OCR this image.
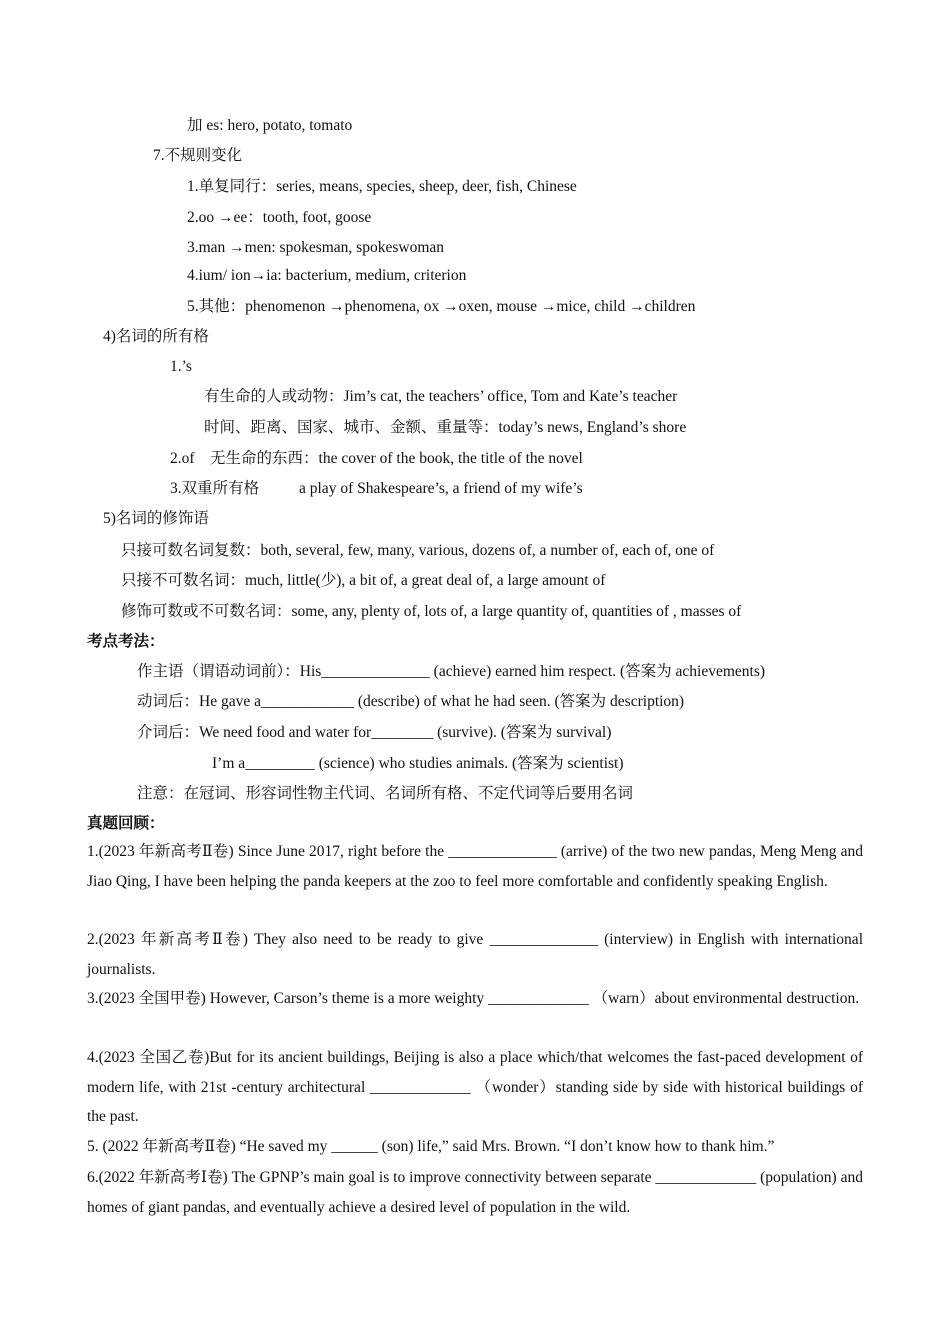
加 es: hero, potato, tomato
7.不规则变化
1.单复同行：series, means, species, sheep, deer, fish, Chinese
2.oo →ee：tooth, foot, goose
3.man →men: spokesman, spokeswoman
4.ium/ ion→ia: bacterium, medium, criterion
5.其他：phenomenon →phenomena, ox →oxen, mouse →mice, child →children
4)名词的所有格
1.’s
有生命的人或动物：Jim’s cat, the teachers’ office, Tom and Kate’s teacher
时间、距离、国家、城市、金额、重量等：today’s news, England’s shore
2.of　无生命的东西：the cover of the book, the title of the novel
3.双重所有格	a play of Shakespeare’s, a friend of my wife’s
5)名词的修饰语
只接可数名词复数：both, several, few, many, various, dozens of, a number of, each of, one of
只接不可数名词：much, little(少), a bit of, a great deal of, a large amount of
修饰可数或不可数名词：some, any, plenty of, lots of, a large quantity of, quantities of , masses of
考点考法：
作主语（谓语动词前）：His______________ (achieve) earned him respect. (答案为 achievements)
动词后：He gave a____________ (describe) of what he had seen. (答案为 description)
介词后：We need food and water for________ (survive). (答案为 survival)
I’m a_________ (science) who studies animals. (答案为 scientist)
注意：在冠词、形容词性物主代词、名词所有格、不定代词等后要用名词
真题回顾：
1.(2023 年新高考Ⅱ卷) Since June 2017, right before the ______________ (arrive) of the two new pandas, Meng Meng and Jiao Qing, I have been helping the panda keepers at the zoo to feel more comfortable and confidently speaking English.
2.(2023 年新高考Ⅱ卷) They also need to be ready to give ______________ (interview) in English with international journalists.
3.(2023 全国甲卷) However, Carson’s theme is a more weighty _____________ （warn）about environmental destruction.
4.(2023 全国乙卷)But for its ancient buildings, Beijing is also a place which/that welcomes the fast-paced development of modern life, with 21st -century architectural _____________ （wonder）standing side by side with historical buildings of the past.
5. (2022 年新高考Ⅱ卷) “He saved my ______ (son) life,” said Mrs. Brown. “I don’t know how to thank him.”
6.(2022 年新高考Ⅰ卷) The GPNP’s main goal is to improve connectivity between separate _____________ (population) and homes of giant pandas, and eventually achieve a desired level of population in the wild.
